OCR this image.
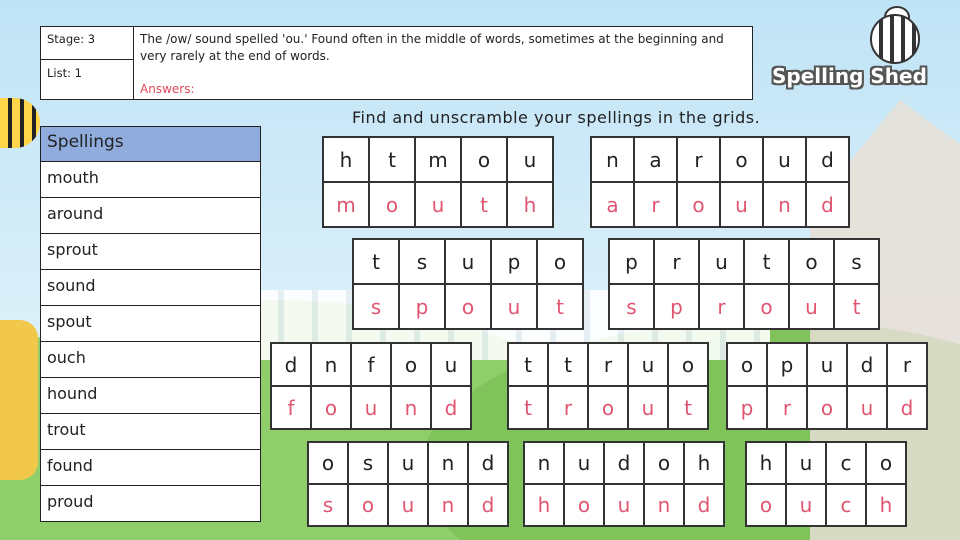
Stage: 3
List: 1
The /ow/ sound spelled 'ou.' Found often in the middle of words, sometimes at the beginning and very rarely at the end of words.
Answers:
Spelling Shed
Find and unscramble your spellings in the grids.
Spellings
mouth
around
sprout
sound
spout
ouch
hound
trout
found
proud
h	t	m	o	u
m	o	u	t	h
n	a	r	o	u	d
a	r	o	u	n	d
t	s	u	p	o
s	p	o	u	t
p	r	u	t	o	s
s	p	r	o	u	t
d	n	f	o	u
f	o	u	n	d
t	t	r	u	o
t	r	o	u	t
o	p	u	d	r
p	r	o	u	d
o	s	u	n	d
s	o	u	n	d
n	u	d	o	h
h	o	u	n	d
h	u	c	o
o	u	c	h
